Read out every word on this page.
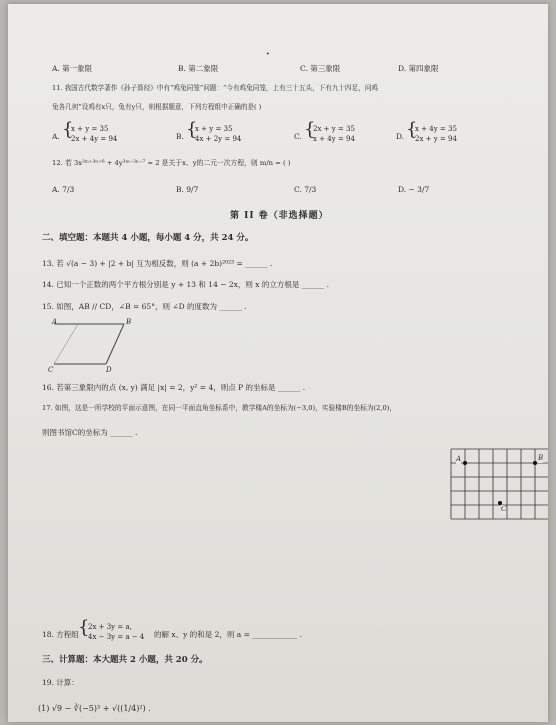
A. 第一象限	B. 第二象限	C. 第三象限	D. 第四象限
•
11. 我国古代数学著作《孙子算经》中有“鸡兔同笼”问题：“今有鸡兔同笼，上有三十五头，下有九十四足，问鸡
兔各几何”设鸡有x只，兔有y只，则根据题意，下列方程组中正确的是( )
A. {
x + y = 35
2x + 4y = 94	B. {
x + y = 35
4x + 2y = 94	C. {
2x + y = 35
x + 4y = 94	D. {
x + 4y = 35
2x + y = 94
12. 若 3x²ᵐ⁺³ⁿ⁺⁶ + 4y³ᵐ⁻²ⁿ⁻⁷ = 2 是关于x、y的二元一次方程，则 m/n = ( )
A. 7/3	B. 9/7	C. 7/3	D. − 3/7
第 II 卷（非选择题）
二、填空题：本题共 4 小题，每小题 4 分，共 24 分。
13. 若 √(a − 3) + |2 + b| 互为相反数，则 (a + 2b)²⁰²³ = ______ .
14. 已知一个正数的两个平方根分别是 y + 13 和 14 − 2x，则 x 的立方根是 ______ .
15. 如图，AB // CD，∠B = 65°，则 ∠D 的度数为 ______ .
A	B
C	D
16. 若第三象限内的点 (x, y) 满足 |x| = 2，y² = 4，则点 P 的坐标是 ______ .
17. 如图，这是一所学校的平面示意图，在同一平面直角坐标系中，教学楼A的坐标为(−3,0)，实验楼B的坐标为(2,0)，
则图书馆C的坐标为 ______ .
A	B
C
18. 方程组 {
2x + 3y = a,
4x − 3y = a − 4 的解 x、y 的和是 2，则 a = ____________ .
三、计算题：本大题共 2 小题，共 20 分。
19. 计算：
(1) √9 − ∛(−5)³ + √((1/4)²) .
